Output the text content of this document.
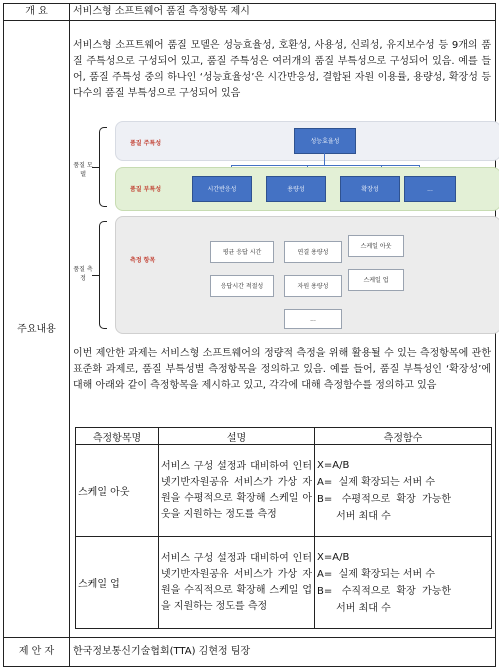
개 요	서비스형 소프트웨어 품질 측정항목 제시
주요내용
서비스형 소프트웨어 품질 모델은 성능효율성, 호환성, 사용성, 신뢰성, 유지보수성 등 9개의 품질 주특성으로 구성되어 있고, 품질 주특성은 여러개의 품질 부특성으로 구성되어 있음. 예를 들어, 품질 주특성 중의 하나인 ‘성능효율성’은 시간반응성, 결합된 자원 이용률, 용량성, 확장성 등 다수의 품질 부특성으로 구성되어 있음
품질 모델
품질 측정
품질 주특성	성능효율성
품질 부특성	시간반응성	용량성	확장성	...
측정 항목
평균 응답 시간
응답시간 적절성
연결 용량성
자원 용량성
스케일 아웃
스케일 업
...
이번 제안한 과제는 서비스형 소프트웨어의 정량적 측정을 위해 활용될 수 있는 측정항목에 관한 표준화 과제로, 품질 부특성별 측정항목을 정의하고 있음. 예를 들어, 품질 부특성인 ‘확장성’에 대해 아래와 같이 측정항목을 제시하고 있고, 각각에 대해 측정함수를 정의하고 있음
측정항목명	설명	측정함수
스케일 아웃	서비스 구성 설정과 대비하여 인터넷기반자원공유 서비스가 가상 자원을 수평적으로 확장해 스케일 아웃을 지원하는 정도를 측정	X=A/B
A=  실제 확장되는 서버 수
B=   수평적으로  확장  가능한
서버 최대 수

스케일 업	서비스 구성 설정과 대비하여 인터넷기반자원공유 서비스가 가상 자원을 수직적으로 확장해 스케일 업을 지원하는 정도를 측정	X=A/B
A=  실제 확장되는 서버 수
B=   수직적으로  확장  가능한
서버 최대 수
제 안 자	한국정보통신기술협회(TTA) 김현정 팀장
